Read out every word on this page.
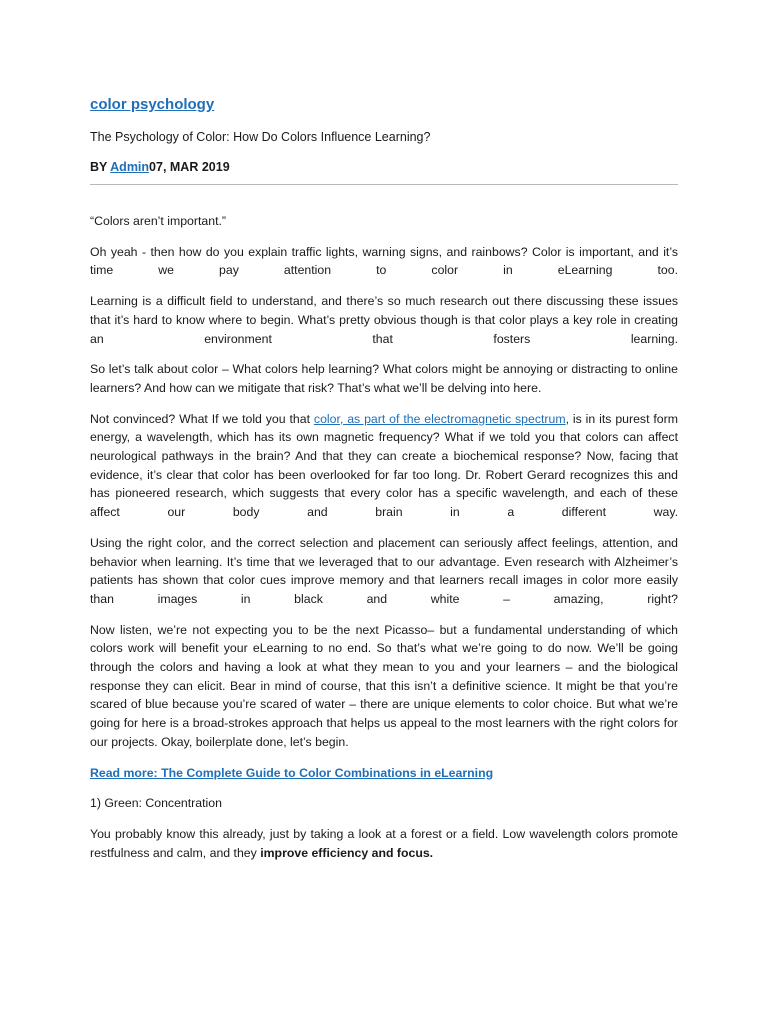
color psychology
The Psychology of Color: How Do Colors Influence Learning?
BY Admin07, MAR 2019

“Colors aren’t important.”

Oh yeah - then how do you explain traffic lights, warning signs, and rainbows? Color is important, and it’s time we pay attention to color in eLearning too.

Learning is a difficult field to understand, and there’s so much research out there discussing these issues that it’s hard to know where to begin. What’s pretty obvious though is that color plays a key role in creating an environment that fosters learning.

So let’s talk about color – What colors help learning? What colors might be annoying or distracting to online learners? And how can we mitigate that risk? That’s what we’ll be delving into here.

Not convinced? What If we told you that color, as part of the electromagnetic spectrum, is in its purest form energy, a wavelength, which has its own magnetic frequency? What if we told you that colors can affect neurological pathways in the brain? And that they can create a biochemical response? Now, facing that evidence, it’s clear that color has been overlooked for far too long. Dr. Robert Gerard recognizes this and has pioneered research, which suggests that every color has a specific wavelength, and each of these affect our body and brain in a different way.

Using the right color, and the correct selection and placement can seriously affect feelings, attention, and behavior when learning. It’s time that we leveraged that to our advantage. Even research with Alzheimer’s patients has shown that color cues improve memory and that learners recall images in color more easily than images in black and white – amazing, right?

Now listen, we’re not expecting you to be the next Picasso– but a fundamental understanding of which colors work will benefit your eLearning to no end. So that’s what we’re going to do now. We’ll be going through the colors and having a look at what they mean to you and your learners – and the biological response they can elicit. Bear in mind of course, that this isn’t a definitive science. It might be that you’re scared of blue because you’re scared of water – there are unique elements to color choice. But what we’re going for here is a broad-strokes approach that helps us appeal to the most learners with the right colors for our projects. Okay, boilerplate done, let’s begin.

Read more: The Complete Guide to Color Combinations in eLearning

1) Green: Concentration

You probably know this already, just by taking a look at a forest or a field. Low wavelength colors promote restfulness and calm, and they improve efficiency and focus.
